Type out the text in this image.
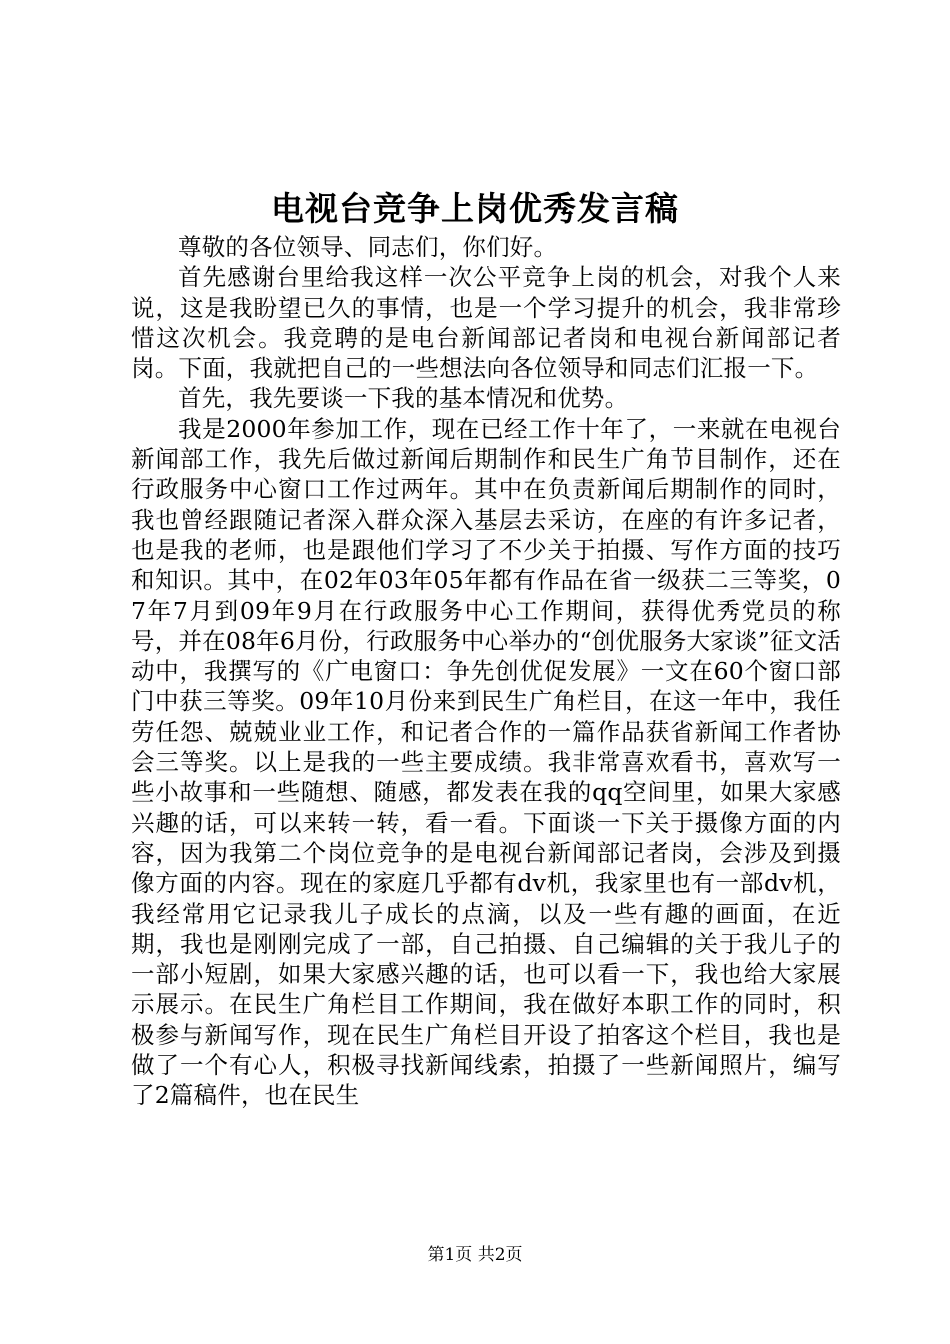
电视台竞争上岗优秀发言稿

尊敬的各位领导、同志们，你们好。

首先感谢台里给我这样一次公平竞争上岗的机会，对我个人来说，这是我盼望已久的事情，也是一个学习提升的机会，我非常珍惜这次机会。我竞聘的是电台新闻部记者岗和电视台新闻部记者岗。下面，我就把自己的一些想法向各位领导和同志们汇报一下。

首先，我先要谈一下我的基本情况和优势。

我是2000年参加工作，现在已经工作十年了，一来就在电视台新闻部工作，我先后做过新闻后期制作和民生广角节目制作，还在行政服务中心窗口工作过两年。其中在负责新闻后期制作的同时，我也曾经跟随记者深入群众深入基层去采访，在座的有许多记者，也是我的老师，也是跟他们学习了不少关于拍摄、写作方面的技巧和知识。其中，在02年03年05年都有作品在省一级获二三等奖，07年7月到09年9月在行政服务中心工作期间，获得优秀党员的称号，并在08年6月份，行政服务中心举办的“创优服务大家谈”征文活动中，我撰写的《广电窗口：争先创优促发展》一文在60个窗口部门中获三等奖。09年10月份来到民生广角栏目，在这一年中，我任劳任怨、兢兢业业工作，和记者合作的一篇作品获省新闻工作者协会三等奖。以上是我的一些主要成绩。我非常喜欢看书，喜欢写一些小故事和一些随想、随感，都发表在我的qq空间里，如果大家感兴趣的话，可以来转一转，看一看。下面谈一下关于摄像方面的内容，因为我第二个岗位竞争的是电视台新闻部记者岗，会涉及到摄像方面的内容。现在的家庭几乎都有dv机，我家里也有一部dv机，我经常用它记录我儿子成长的点滴，以及一些有趣的画面，在近期，我也是刚刚完成了一部，自己拍摄、自己编辑的关于我儿子的一部小短剧，如果大家感兴趣的话，也可以看一下，我也给大家展示展示。在民生广角栏目工作期间，我在做好本职工作的同时，积极参与新闻写作，现在民生广角栏目开设了拍客这个栏目，我也是做了一个有心人，积极寻找新闻线索，拍摄了一些新闻照片，编写了2篇稿件，也在民生

第1页 共2页
